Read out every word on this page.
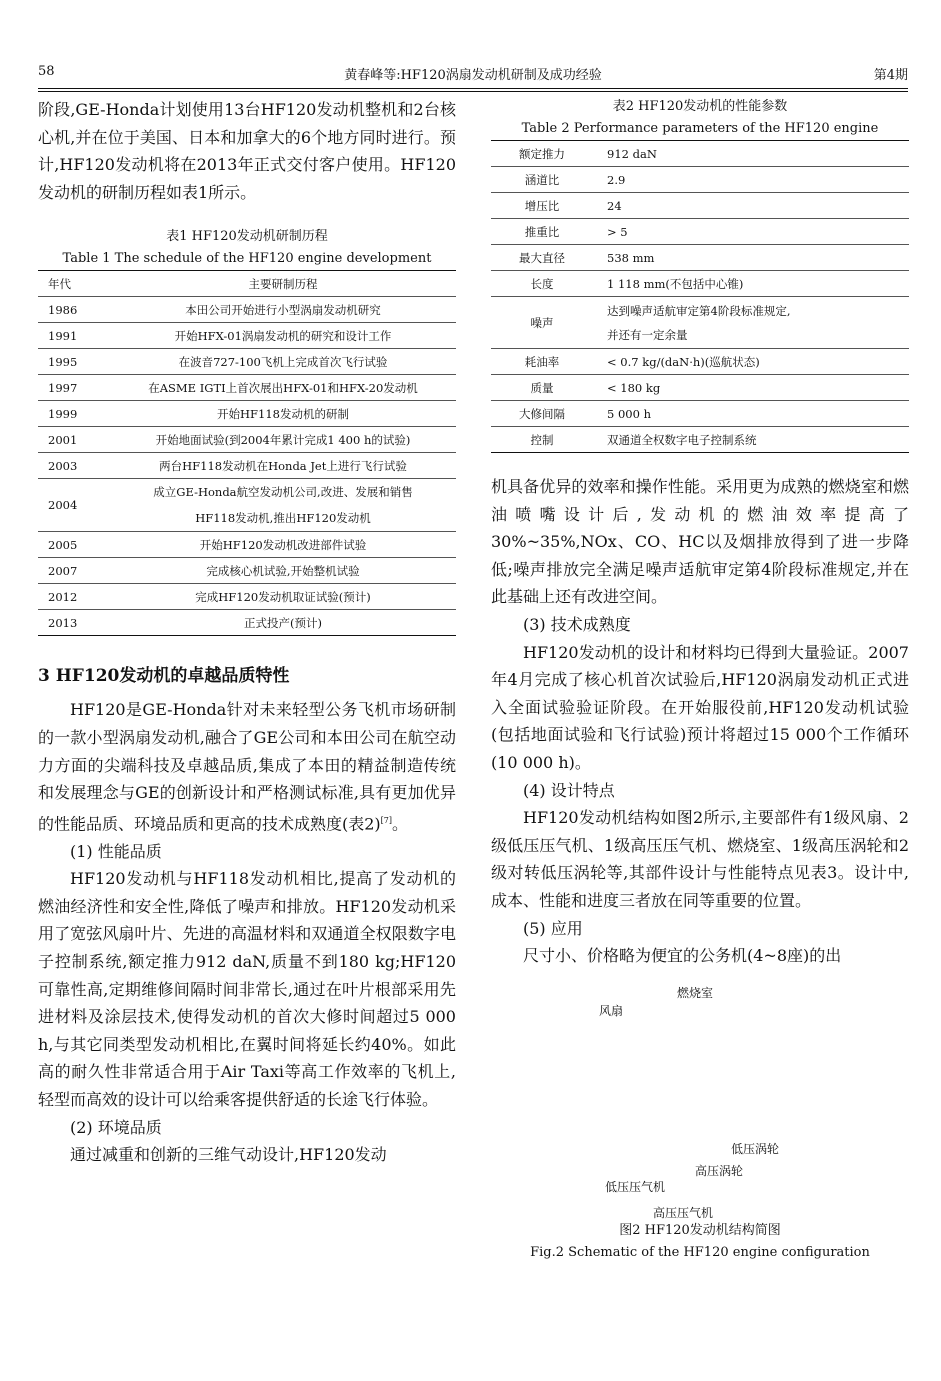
58	黄春峰等:HF120涡扇发动机研制及成功经验	第4期

阶段,GE-Honda计划使用13台HF120发动机整机和2台核心机,并在位于美国、日本和加拿大的6个地方同时进行。预计,HF120发动机将在2013年正式交付客户使用。HF120发动机的研制历程如表1所示。

表1 HF120发动机研制历程
Table 1 The schedule of the HF120 engine development
年代	主要研制历程
1986	本田公司开始进行小型涡扇发动机研究
1991	开始HFX-01涡扇发动机的研究和设计工作
1995	在波音727-100飞机上完成首次飞行试验
1997	在ASME IGTI上首次展出HFX-01和HFX-20发动机
1999	开始HF118发动机的研制
2001	开始地面试验(到2004年累计完成1 400 h的试验)
2003	两台HF118发动机在Honda Jet上进行飞行试验
2004	成立GE-Honda航空发动机公司,改进、发展和销售
HF118发动机,推出HF120发动机
2005	开始HF120发动机改进部件试验
2007	完成核心机试验,开始整机试验
2012	完成HF120发动机取证试验(预计)
2013	正式投产(预计)
3 HF120发动机的卓越品质特性

HF120是GE-Honda针对未来轻型公务飞机市场研制的一款小型涡扇发动机,融合了GE公司和本田公司在航空动力方面的尖端科技及卓越品质,集成了本田的精益制造传统和发展理念与GE的创新设计和严格测试标准,具有更加优异的性能品质、环境品质和更高的技术成熟度(表2)[7]。

(1) 性能品质

HF120发动机与HF118发动机相比,提高了发动机的燃油经济性和安全性,降低了噪声和排放。HF120发动机采用了宽弦风扇叶片、先进的高温材料和双通道全权限数字电子控制系统,额定推力912 daN,质量不到180 kg;HF120可靠性高,定期维修间隔时间非常长,通过在叶片根部采用先进材料及涂层技术,使得发动机的首次大修时间超过5 000 h,与其它同类型发动机相比,在翼时间将延长约40%。如此高的耐久性非常适合用于Air Taxi等高工作效率的飞机上,轻型而高效的设计可以给乘客提供舒适的长途飞行体验。

(2) 环境品质

通过减重和创新的三维气动设计,HF120发动

表2 HF120发动机的性能参数
Table 2 Performance parameters of the HF120 engine
额定推力	912 daN
涵道比	2.9
增压比	24
推重比	> 5
最大直径	538 mm
长度	1 118 mm(不包括中心锥)
噪声	达到噪声适航审定第4阶段标准规定,
并还有一定余量
耗油率	< 0.7 kg/(daN·h)(巡航状态)
质量	< 180 kg
大修间隔	5 000 h
控制	双通道全权数字电子控制系统

机具备优异的效率和操作性能。采用更为成熟的燃烧室和燃油喷嘴设计后,发动机的燃油效率提高了30%~35%,NOx、CO、HC以及烟排放得到了进一步降低;噪声排放完全满足噪声适航审定第4阶段标准规定,并在此基础上还有改进空间。

(3) 技术成熟度

HF120发动机的设计和材料均已得到大量验证。2007年4月完成了核心机首次试验后,HF120涡扇发动机正式进入全面试验验证阶段。在开始服役前,HF120发动机试验(包括地面试验和飞行试验)预计将超过15 000个工作循环(10 000 h)。

(4) 设计特点

HF120发动机结构如图2所示,主要部件有1级风扇、2级低压压气机、1级高压压气机、燃烧室、1级高压涡轮和2级对转低压涡轮等,其部件设计与性能特点见表3。设计中,成本、性能和进度三者放在同等重要的位置。

(5) 应用

尺寸小、价格略为便宜的公务机(4~8座)的出

燃烧室
风扇
低压涡轮
高压涡轮
低压压气机
高压压气机
图2 HF120发动机结构简图
Fig.2 Schematic of the HF120 engine configuration
